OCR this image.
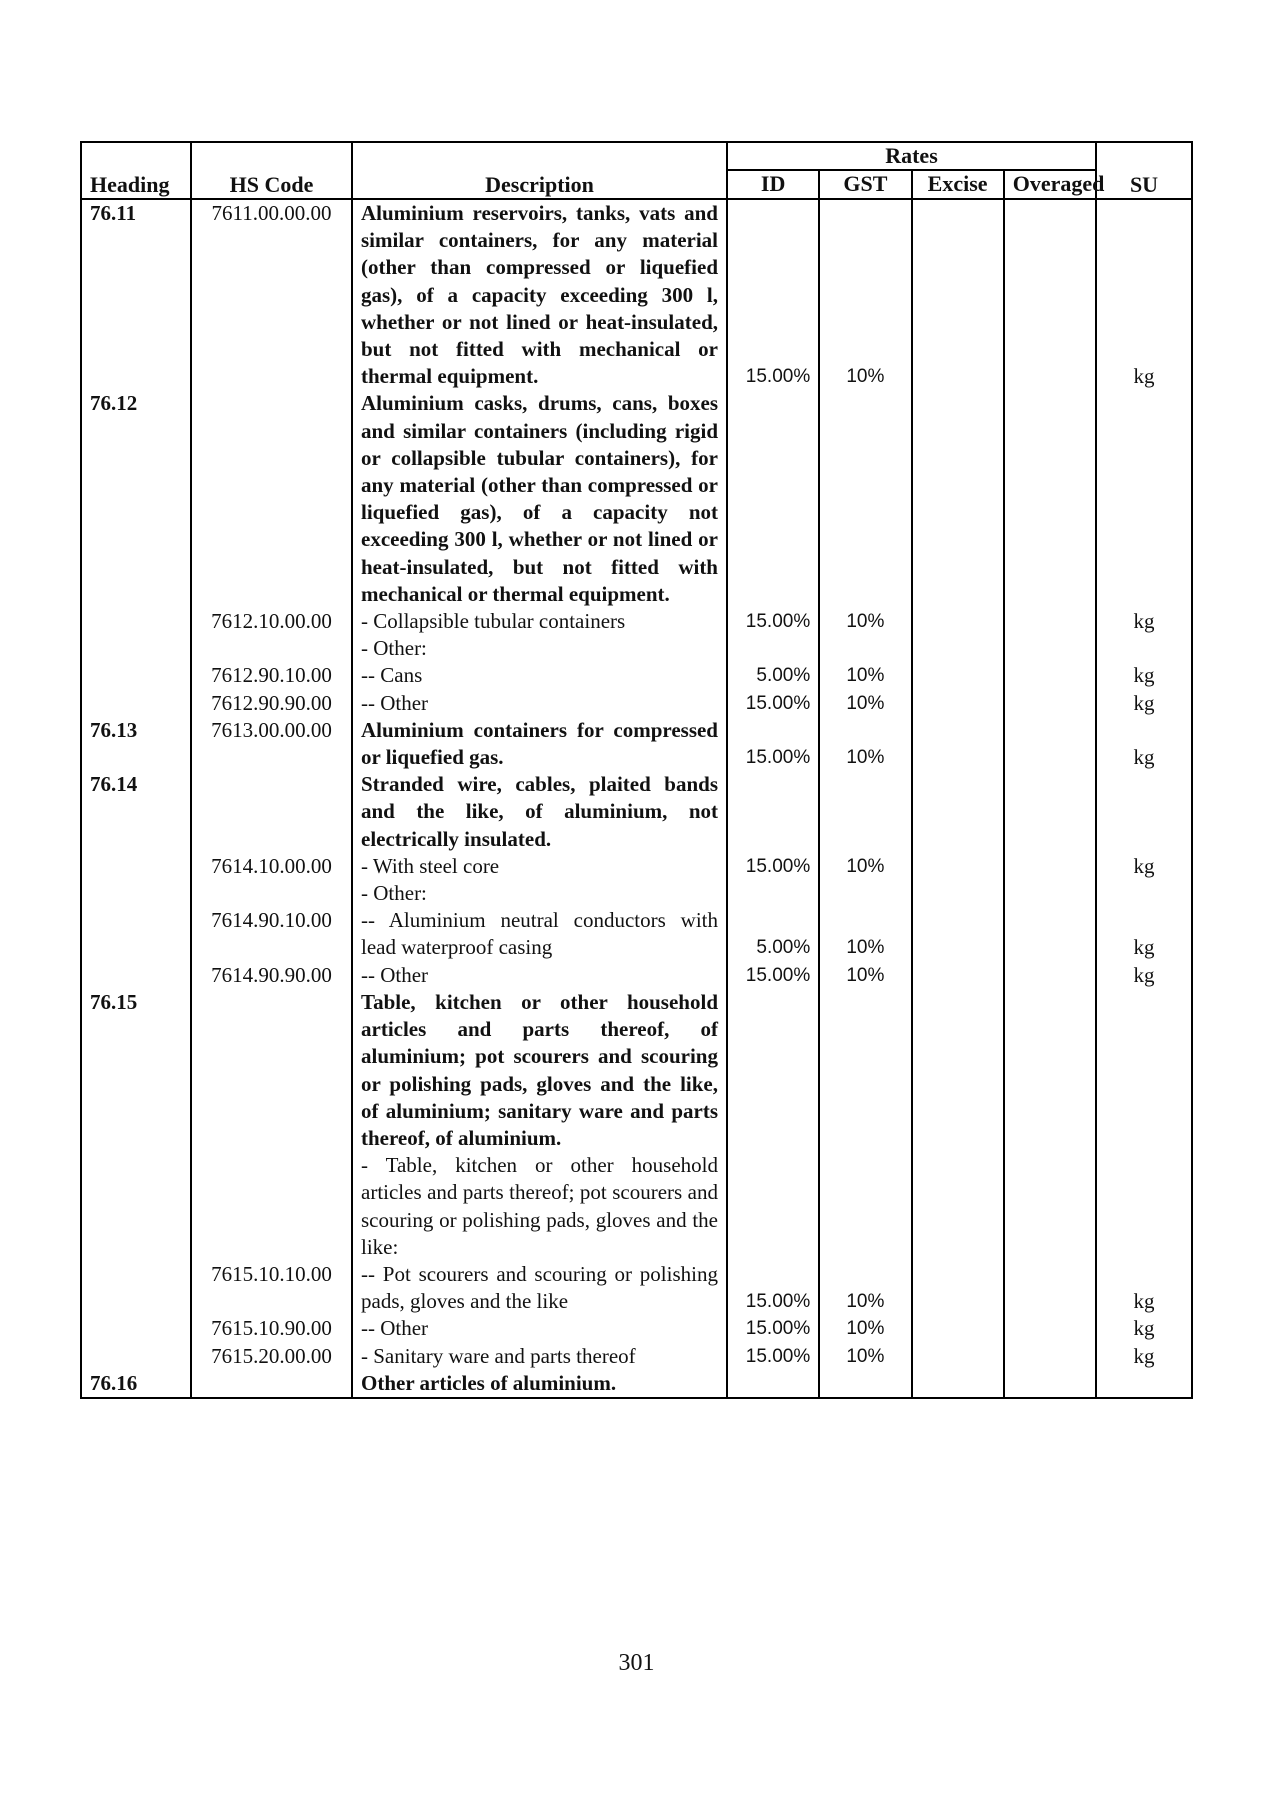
Heading	HS Code	Description	Rates				SU
			ID	GST	Excise	Overaged	
76.11	7611.00.00.00	Aluminium reservoirs, tanks, vats and similar containers, for any material (other than compressed or liquefied gas), of a capacity exceeding 300 l, whether or not lined or heat-insulated, but not fitted with mechanical or thermal equipment.	15.00%	10%			kg
76.12		Aluminium casks, drums, cans, boxes and similar containers (including rigid or collapsible tubular containers), for any material (other than compressed or liquefied gas), of a capacity not exceeding 300 l, whether or not lined or heat-insulated, but not fitted with mechanical or thermal equipment.					
	7612.10.00.00	- Collapsible tubular containers	15.00%	10%			kg
		- Other:					
	7612.90.10.00	-- Cans	5.00%	10%			kg
	7612.90.90.00	-- Other	15.00%	10%			kg
76.13	7613.00.00.00	Aluminium containers for compressed or liquefied gas.	15.00%	10%			kg
76.14		Stranded wire, cables, plaited bands and the like, of aluminium, not electrically insulated.					
	7614.10.00.00	- With steel core	15.00%	10%			kg
		- Other:					
	7614.90.10.00	-- Aluminium neutral conductors with lead waterproof casing	5.00%	10%			kg
	7614.90.90.00	-- Other	15.00%	10%			kg
76.15		Table, kitchen or other household articles and parts thereof, of aluminium; pot scourers and scouring or polishing pads, gloves and the like, of aluminium; sanitary ware and parts thereof, of aluminium.					
		- Table, kitchen or other household articles and parts thereof; pot scourers and scouring or polishing pads, gloves and the like:					
	7615.10.10.00	-- Pot scourers and scouring or polishing pads, gloves and the like	15.00%	10%			kg
	7615.10.90.00	-- Other	15.00%	10%			kg
	7615.20.00.00	- Sanitary ware and parts thereof	15.00%	10%			kg
76.16		Other articles of aluminium.					
301
